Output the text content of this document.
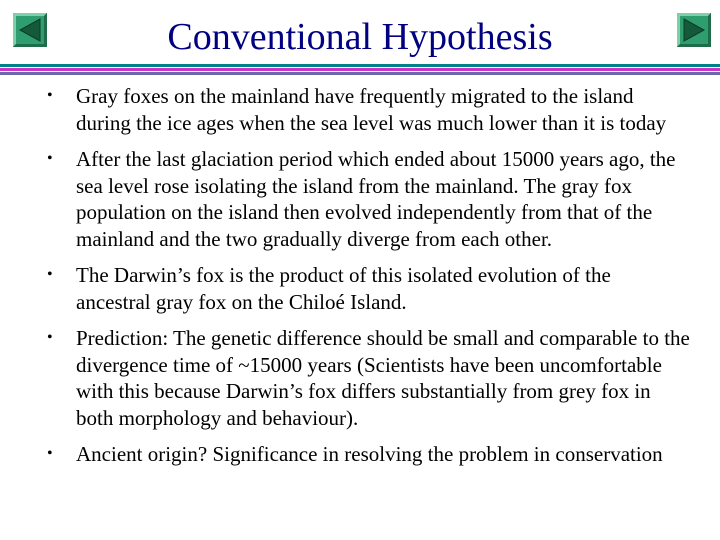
Conventional Hypothesis
• Gray foxes on the mainland have frequently migrated to the island during the ice ages when the sea level was much lower than it is today
• After the last glaciation period which ended about 15000 years ago, the sea level rose isolating the island from the mainland. The gray fox population on the island then evolved independently from that of the mainland and the two gradually diverge from each other.
• The Darwin’s fox is the product of this isolated evolution of the ancestral gray fox on the Chiloé Island.
• Prediction: The genetic difference should be small and comparable to the divergence time of ~15000 years (Scientists have been uncomfortable with this because Darwin’s fox differs substantially from grey fox in both morphology and behaviour).
• Ancient origin? Significance in resolving the problem in conservation
